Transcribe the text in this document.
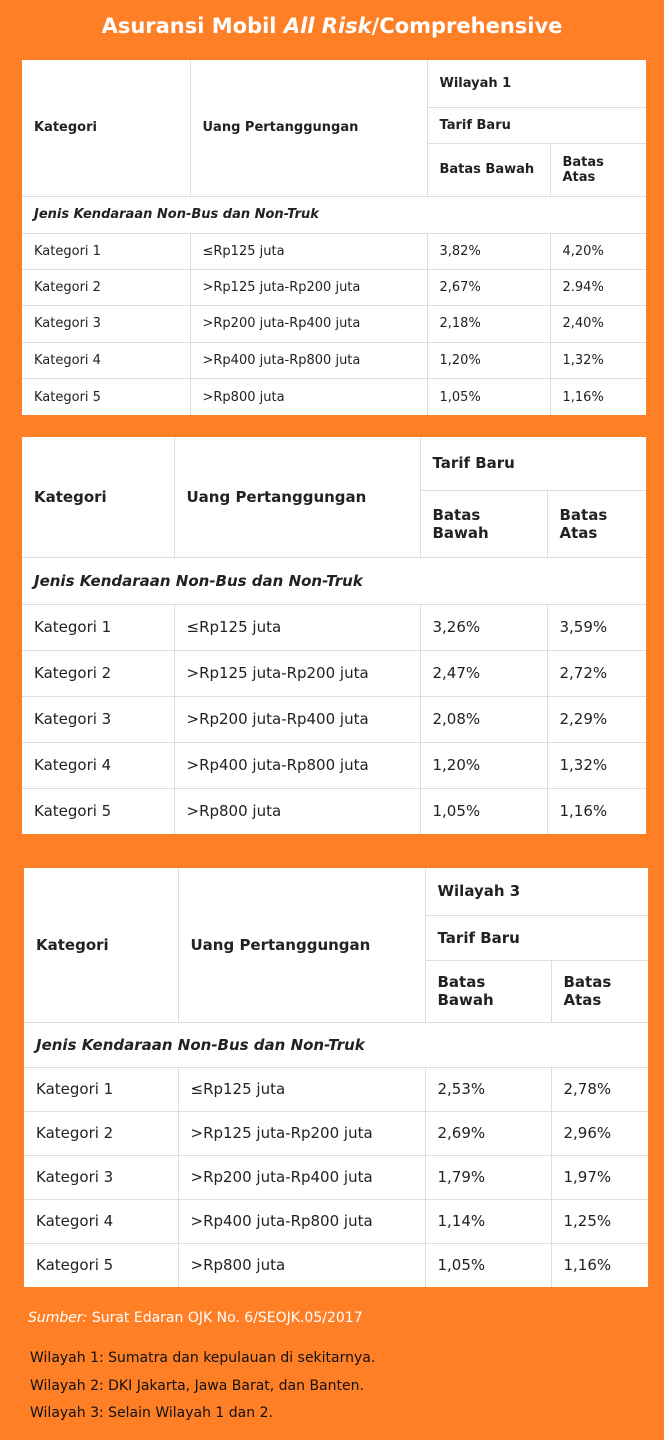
Asuransi Mobil All Risk/Comprehensive
Kategori	Uang Pertanggungan	Wilayah 1	
		Tarif Baru	
		Batas Bawah	Batas Atas
Jenis Kendaraan Non-Bus dan Non-Truk			
Kategori 1	≤Rp125 juta	3,82%	4,20%
Kategori 2	>Rp125 juta-Rp200 juta	2,67%	2.94%
Kategori 3	>Rp200 juta-Rp400 juta	2,18%	2,40%
Kategori 4	>Rp400 juta-Rp800 juta	1,20%	1,32%
Kategori 5	>Rp800 juta	1,05%	1,16%
Kategori	Uang Pertanggungan	Tarif Baru	
		Batas Bawah	Batas Atas
Jenis Kendaraan Non-Bus dan Non-Truk			
Kategori 1	≤Rp125 juta	3,26%	3,59%
Kategori 2	>Rp125 juta-Rp200 juta	2,47%	2,72%
Kategori 3	>Rp200 juta-Rp400 juta	2,08%	2,29%
Kategori 4	>Rp400 juta-Rp800 juta	1,20%	1,32%
Kategori 5	>Rp800 juta	1,05%	1,16%
Kategori	Uang Pertanggungan	Wilayah 3	
		Tarif Baru	
		Batas Bawah	Batas Atas
Jenis Kendaraan Non-Bus dan Non-Truk			
Kategori 1	≤Rp125 juta	2,53%	2,78%
Kategori 2	>Rp125 juta-Rp200 juta	2,69%	2,96%
Kategori 3	>Rp200 juta-Rp400 juta	1,79%	1,97%
Kategori 4	>Rp400 juta-Rp800 juta	1,14%	1,25%
Kategori 5	>Rp800 juta	1,05%	1,16%
Sumber: Surat Edaran OJK No. 6/SEOJK.05/2017
Wilayah 1: Sumatra dan kepulauan di sekitarnya.
Wilayah 2: DKI Jakarta, Jawa Barat, dan Banten.
Wilayah 3: Selain Wilayah 1 dan 2.
